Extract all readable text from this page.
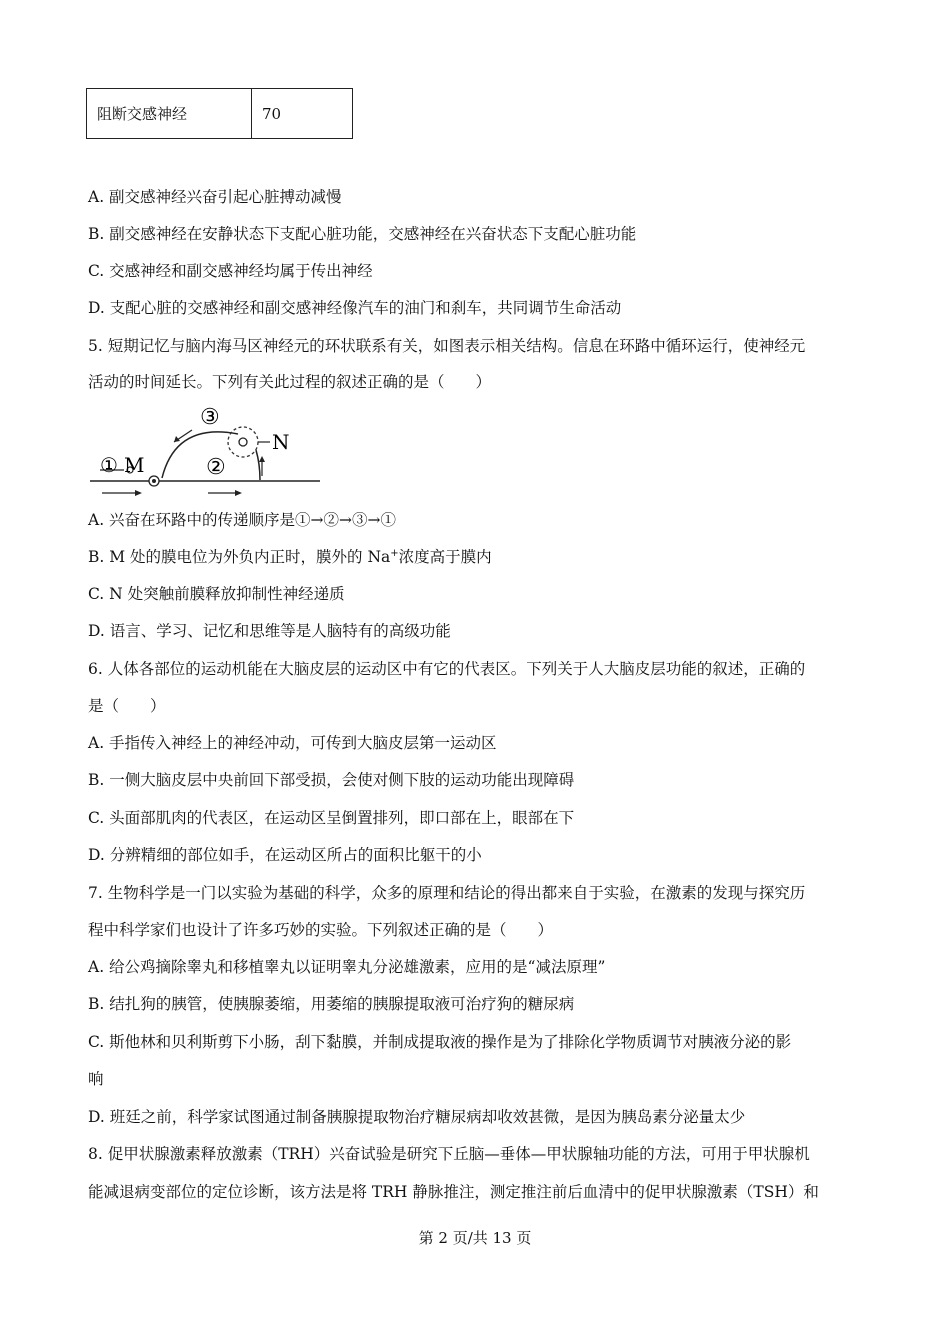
阻断交感神经	70
A. 副交感神经兴奋引起心脏搏动减慢
B. 副交感神经在安静状态下支配心脏功能，交感神经在兴奋状态下支配心脏功能
C. 交感神经和副交感神经均属于传出神经
D. 支配心脏的交感神经和副交感神经像汽车的油门和刹车，共同调节生命活动
5. 短期记忆与脑内海马区神经元的环状联系有关，如图表示相关结构。信息在环路中循环运行，使神经元
活动的时间延长。下列有关此过程的叙述正确的是（　　）
① M
N
③
②
A. 兴奋在环路中的传递顺序是①→②→③→①
B. M 处的膜电位为外负内正时，膜外的 Na+浓度高于膜内
C. N 处突触前膜释放抑制性神经递质
D. 语言、学习、记忆和思维等是人脑特有的高级功能
6. 人体各部位的运动机能在大脑皮层的运动区中有它的代表区。下列关于人大脑皮层功能的叙述，正确的
是（　　）
A. 手指传入神经上的神经冲动，可传到大脑皮层第一运动区
B. 一侧大脑皮层中央前回下部受损，会使对侧下肢的运动功能出现障碍
C. 头面部肌肉的代表区，在运动区呈倒置排列，即口部在上，眼部在下
D. 分辨精细的部位如手，在运动区所占的面积比躯干的小
7. 生物科学是一门以实验为基础的科学，众多的原理和结论的得出都来自于实验，在激素的发现与探究历
程中科学家们也设计了许多巧妙的实验。下列叙述正确的是（　　）
A. 给公鸡摘除睾丸和移植睾丸以证明睾丸分泌雄激素，应用的是“减法原理”
B. 结扎狗的胰管，使胰腺萎缩，用萎缩的胰腺提取液可治疗狗的糖尿病
C. 斯他林和贝利斯剪下小肠，刮下黏膜，并制成提取液的操作是为了排除化学物质调节对胰液分泌的影
响
D. 班廷之前，科学家试图通过制备胰腺提取物治疗糖尿病却收效甚微，是因为胰岛素分泌量太少
8. 促甲状腺激素释放激素（TRH）兴奋试验是研究下丘脑—垂体—甲状腺轴功能的方法，可用于甲状腺机
能减退病变部位的定位诊断，该方法是将 TRH 静脉推注，测定推注前后血清中的促甲状腺激素（TSH）和
第 2 页/共 13 页
